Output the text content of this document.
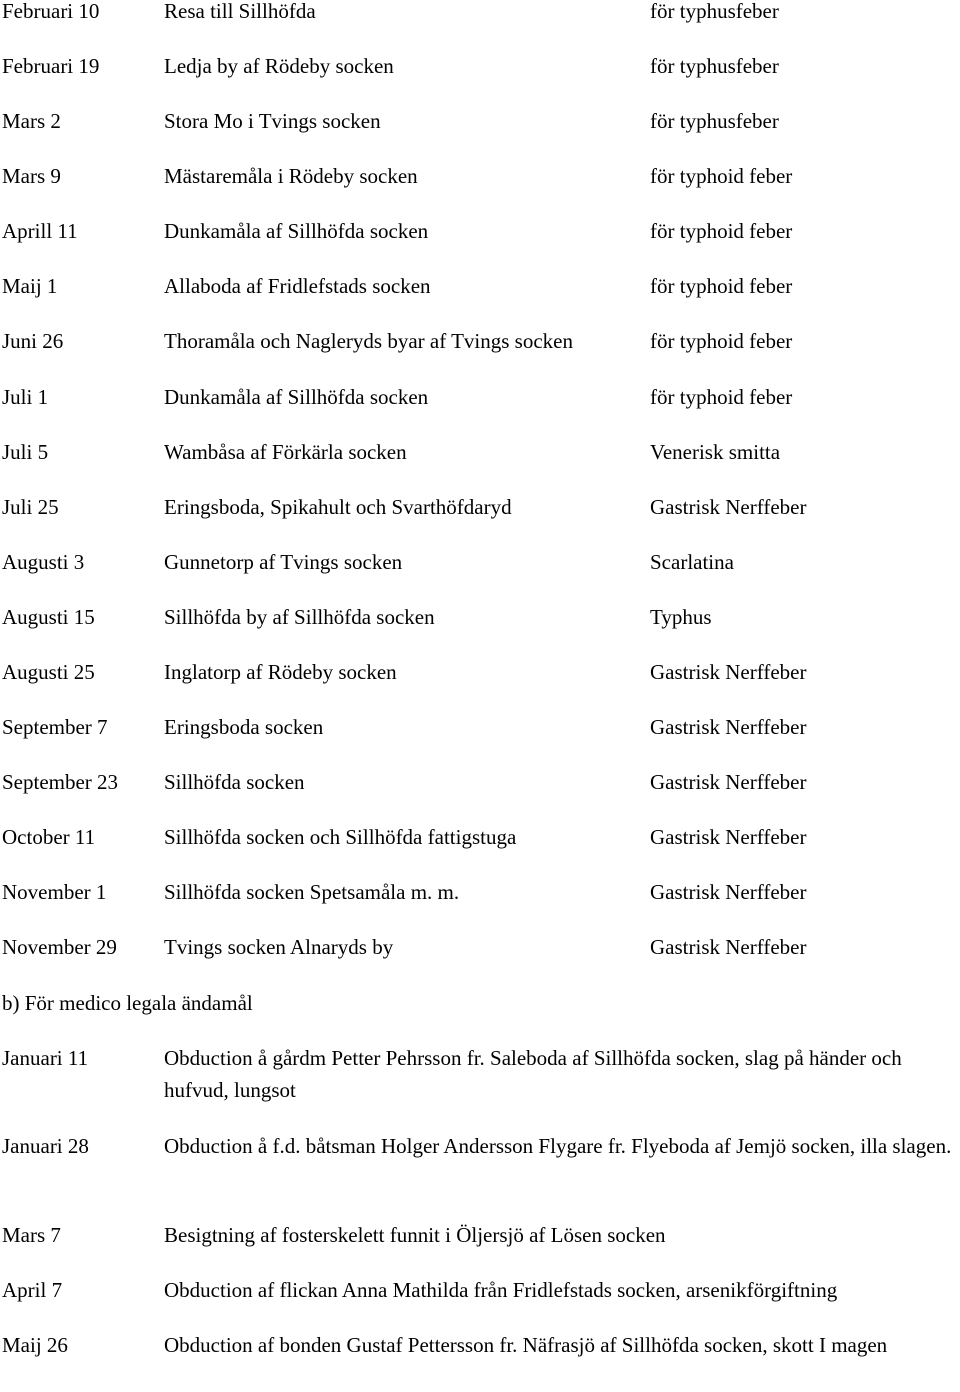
Februari 10	Resa till Sillhöfda	för typhusfeber
Februari 19	Ledja by af Rödeby socken	för typhusfeber
Mars 2	Stora Mo i Tvings socken	för typhusfeber
Mars 9	Mästaremåla i Rödeby socken	för typhoid feber
Aprill 11	Dunkamåla af Sillhöfda socken	för typhoid feber
Maij 1	Allaboda af Fridlefstads socken	för typhoid feber
Juni 26	Thoramåla och Nagleryds byar af Tvings socken	för typhoid feber
Juli 1	Dunkamåla af Sillhöfda socken	för typhoid feber
Juli 5	Wambåsa af Förkärla socken	Venerisk smitta
Juli 25	Eringsboda, Spikahult och Svarthöfdaryd	Gastrisk Nerffeber
Augusti 3	Gunnetorp af Tvings socken	Scarlatina
Augusti 15	Sillhöfda by af Sillhöfda socken	Typhus
Augusti 25	Inglatorp af Rödeby socken	Gastrisk Nerffeber
September 7	Eringsboda socken	Gastrisk Nerffeber
September 23 Sillhöfda socken	Gastrisk Nerffeber
October 11	Sillhöfda socken och Sillhöfda fattigstuga	Gastrisk Nerffeber
November 1	Sillhöfda socken Spetsamåla m. m.	Gastrisk Nerffeber
November 29 Tvings socken Alnaryds by	Gastrisk Nerffeber
b) För medico legala ändamål
Januari 11	Obduction å gårdm Petter Pehrsson fr. Saleboda af Sillhöfda socken, slag på händer och hufvud, lungsot
Januari 28	Obduction å f.d. båtsman Holger Andersson Flygare fr. Flyeboda af Jemjö socken, illa slagen.
Mars 7	Besigtning af fosterskelett funnit i Öljersjö af Lösen socken
April 7	Obduction af flickan Anna Mathilda från Fridlefstads socken, arsenikförgiftning
Maij 26	Obduction af bonden Gustaf Pettersson fr. Näfrasjö af Sillhöfda socken, skott I magen
